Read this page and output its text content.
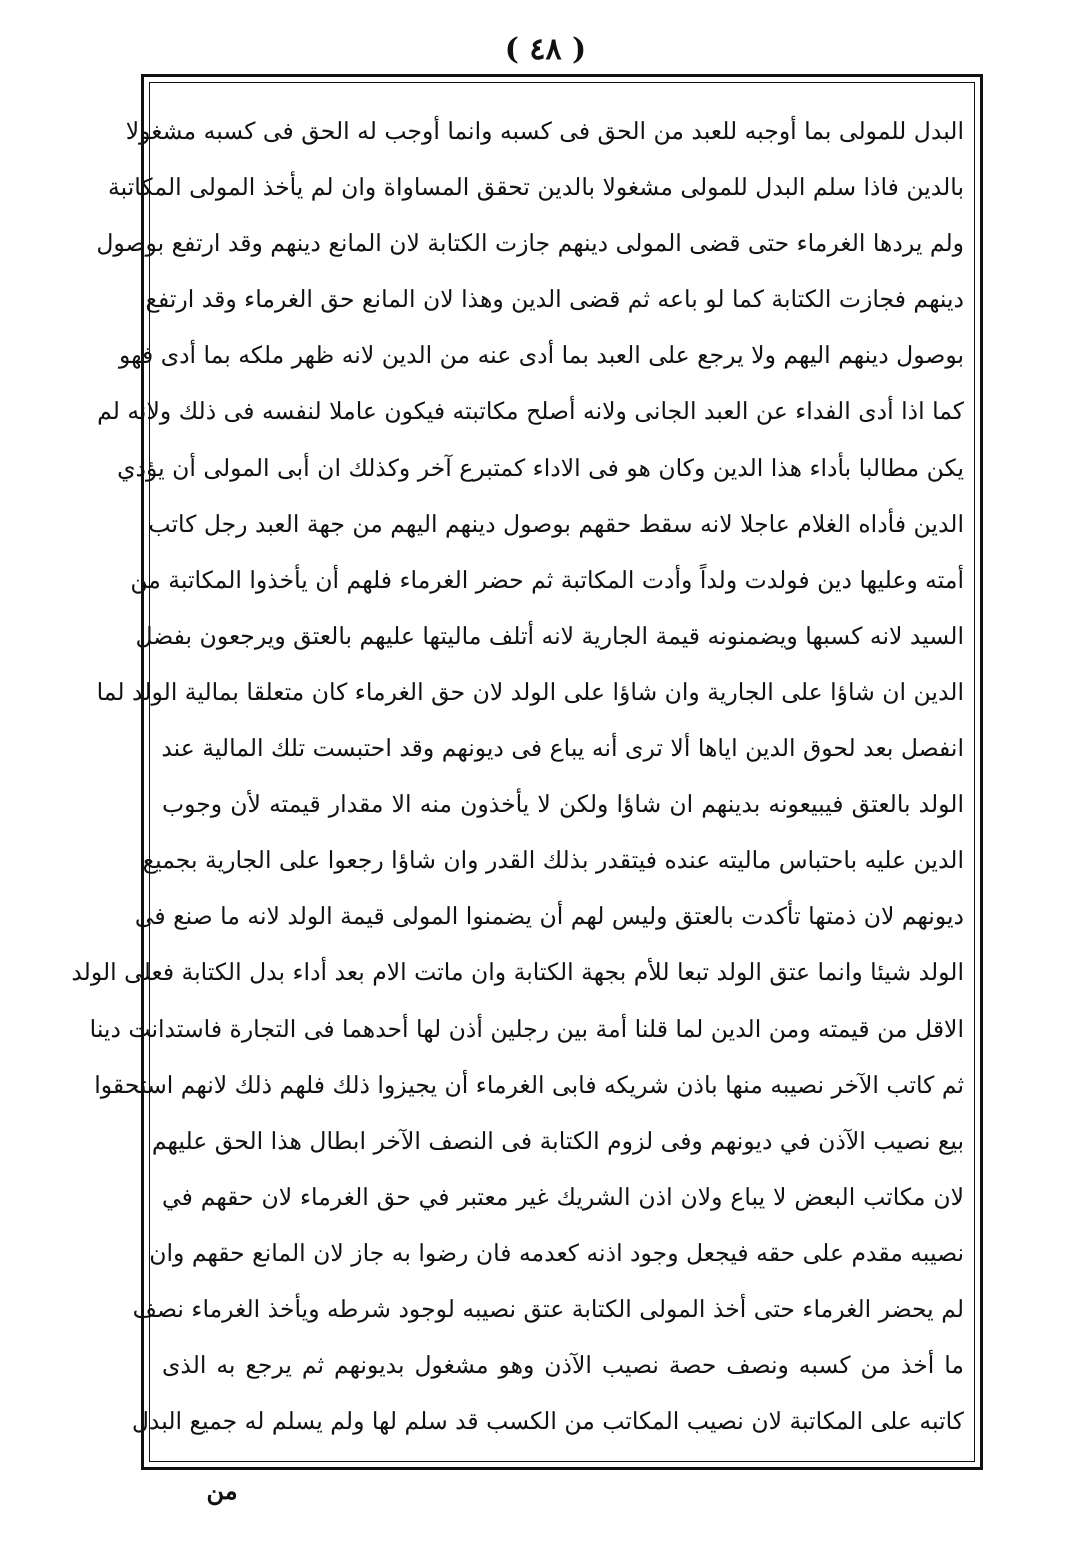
( ٤٨ )
البدل للمولى بما أوجبه للعبد من الحق فى كسبه وانما أوجب له الحق فى كسبه مشغولا
بالدين فاذا سلم البدل للمولى مشغولا بالدين تحقق المساواة وان لم يأخذ المولى المكاتبة
ولم يردها الغرماء حتى قضى المولى دينهم جازت الكتابة لان المانع دينهم وقد ارتفع بوصول
دينهم فجازت الكتابة كما لو باعه ثم قضى الدين وهذا لان المانع حق الغرماء وقد ارتفع
بوصول دينهم اليهم ولا يرجع على العبد بما أدى عنه من الدين لانه ظهر ملكه بما أدى فهو
كما اذا أدى الفداء عن العبد الجانى ولانه أصلح مكاتبته فيكون عاملا لنفسه فى ذلك ولانه لم
يكن مطالبا بأداء هذا الدين وكان هو فى الاداء كمتبرع آخر وكذلك ان أبى المولى أن يؤدي
الدين فأداه الغلام عاجلا لانه سقط حقهم بوصول دينهم اليهم من جهة العبد رجل كاتب
أمته وعليها دين فولدت ولداً وأدت المكاتبة ثم حضر الغرماء فلهم أن يأخذوا المكاتبة من
السيد لانه كسبها ويضمنونه قيمة الجارية لانه أتلف ماليتها عليهم بالعتق ويرجعون بفضل
الدين ان شاؤا على الجارية وان شاؤا على الولد لان حق الغرماء كان متعلقا بمالية الولد لما
انفصل بعد لحوق الدين اياها ألا ترى أنه يباع فى ديونهم وقد احتبست تلك المالية عند
الولد بالعتق فيبيعونه بدينهم ان شاؤا ولكن لا يأخذون منه الا مقدار قيمته لأن وجوب
الدين عليه باحتباس ماليته عنده فيتقدر بذلك القدر وان شاؤا رجعوا على الجارية بجميع
ديونهم لان ذمتها تأكدت بالعتق وليس لهم أن يضمنوا المولى قيمة الولد لانه ما صنع فى
الولد شيئا وانما عتق الولد تبعا للأم بجهة الكتابة وان ماتت الام بعد أداء بدل الكتابة فعلى الولد
الاقل من قيمته ومن الدين لما قلنا أمة بين رجلين أذن لها أحدهما فى التجارة فاستدانت دينا
ثم كاتب الآخر نصيبه منها باذن شريكه فابى الغرماء أن يجيزوا ذلك فلهم ذلك لانهم استحقوا
بيع نصيب الآذن في ديونهم وفى لزوم الكتابة فى النصف الآخر ابطال هذا الحق عليهم
لان مكاتب البعض لا يباع ولان اذن الشريك غير معتبر في حق الغرماء لان حقهم في
نصيبه مقدم على حقه فيجعل وجود اذنه كعدمه فان رضوا به جاز لان المانع حقهم وان
لم يحضر الغرماء حتى أخذ المولى الكتابة عتق نصيبه لوجود شرطه ويأخذ الغرماء نصف
ما أخذ من كسبه ونصف حصة نصيب الآذن وهو مشغول بديونهم ثم يرجع به الذى
كاتبه على المكاتبة لان نصيب المكاتب من الكسب قد سلم لها ولم يسلم له جميع البدل
من
